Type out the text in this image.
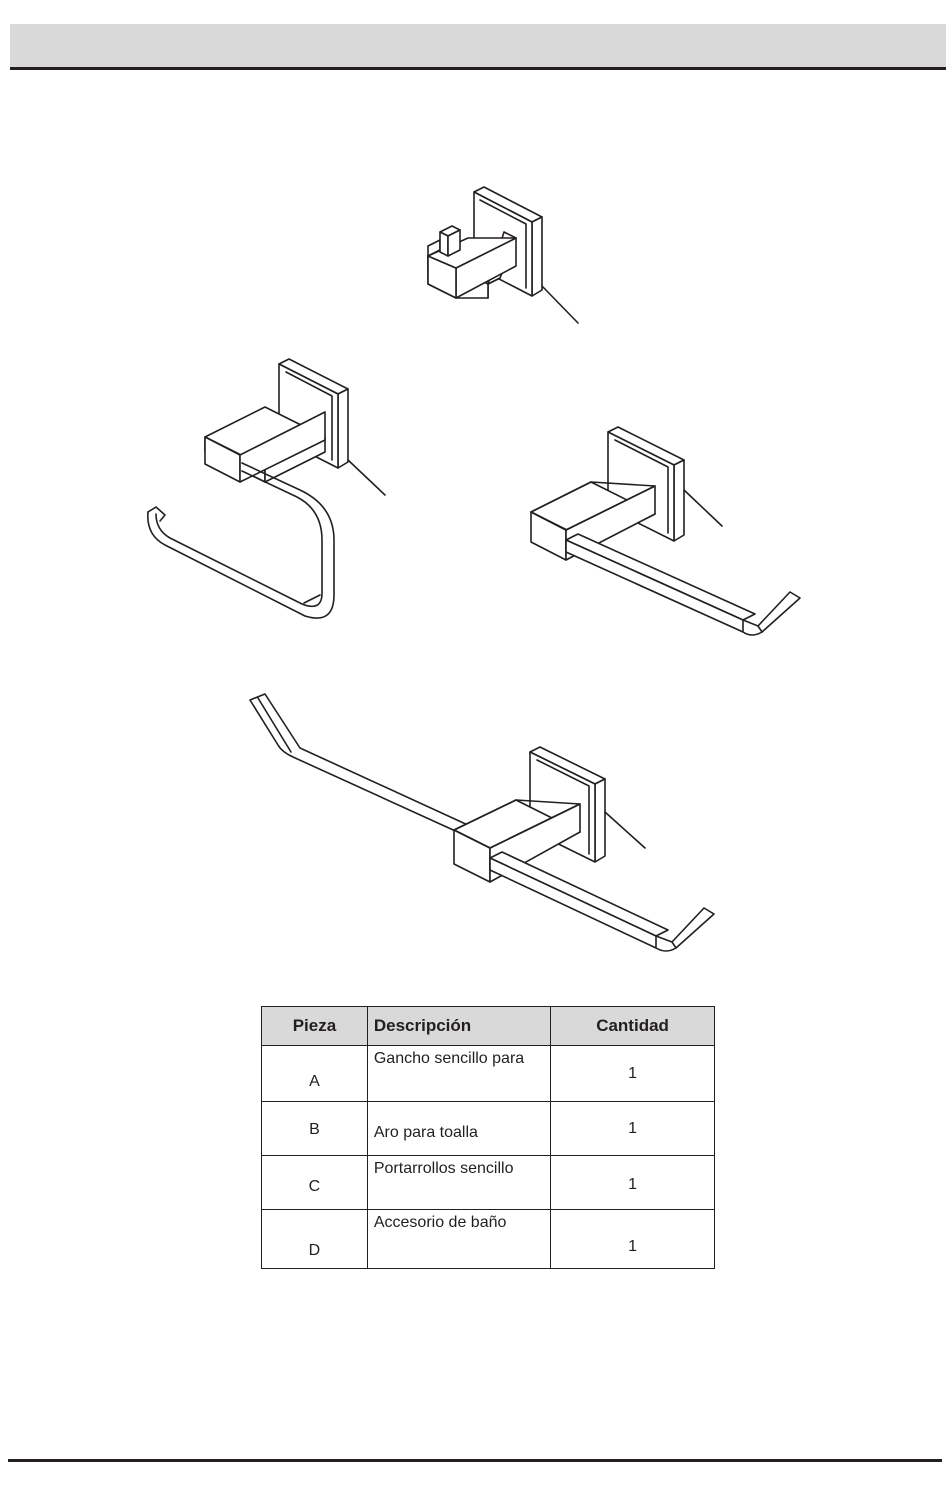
Pieza	Descripción	Cantidad
A	Gancho sencillo para	1
B	Aro para toalla	1
C	Portarrollos sencillo	1
D	Accesorio de baño	1
